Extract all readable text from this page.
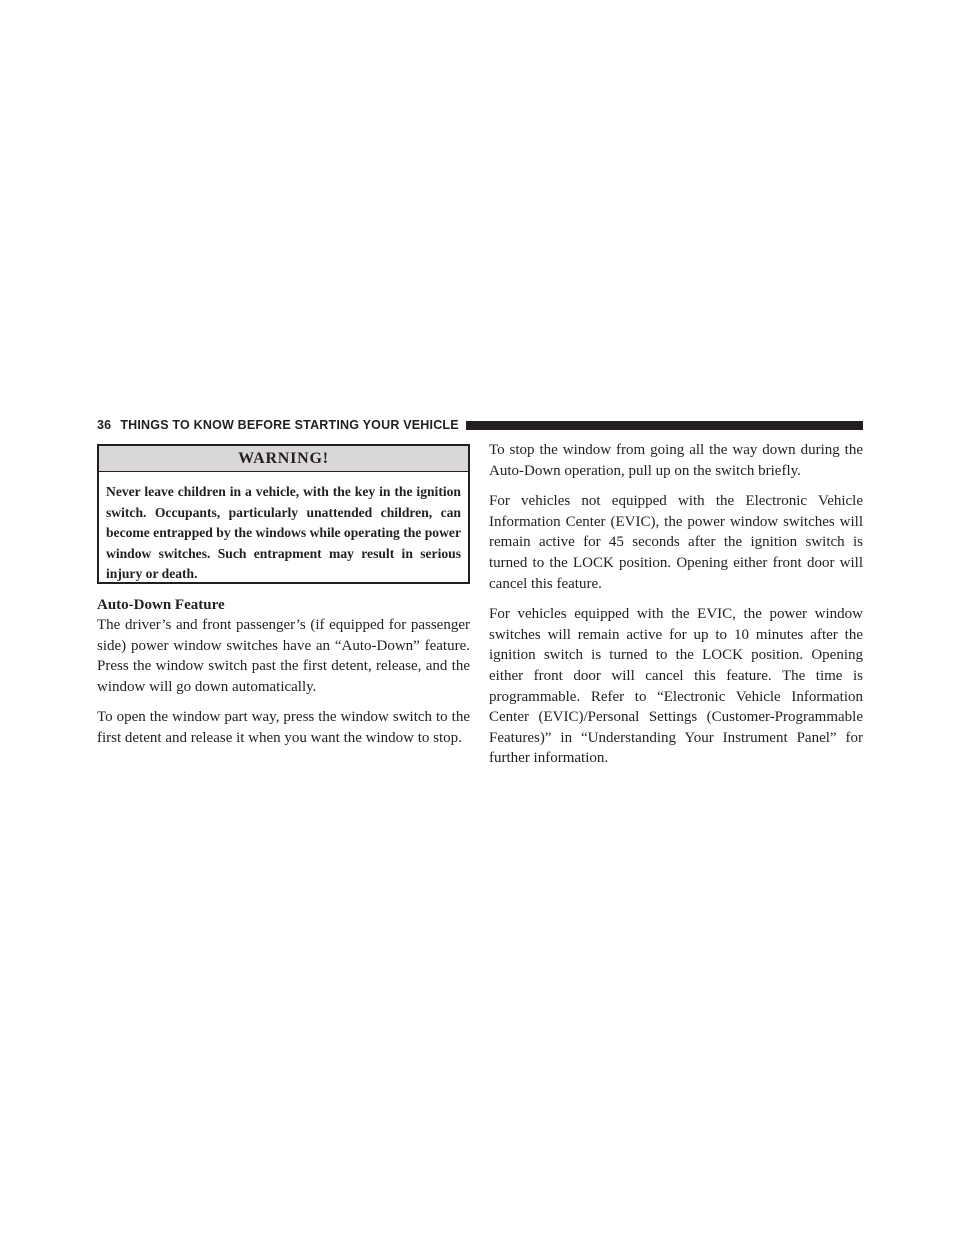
36 THINGS TO KNOW BEFORE STARTING YOUR VEHICLE
WARNING!
Never leave children in a vehicle, with the key in the ignition switch. Occupants, particularly unattended children, can become entrapped by the windows while operating the power window switches. Such entrapment may result in serious injury or death.
Auto-Down Feature

The driver’s and front passenger’s (if equipped for passenger side) power window switches have an “Auto-Down” feature. Press the window switch past the first detent, release, and the window will go down automatically.

To open the window part way, press the window switch to the first detent and release it when you want the window to stop.

To stop the window from going all the way down during the Auto-Down operation, pull up on the switch briefly.

For vehicles not equipped with the Electronic Vehicle Information Center (EVIC), the power window switches will remain active for 45 seconds after the ignition switch is turned to the LOCK position. Opening either front door will cancel this feature.

For vehicles equipped with the EVIC, the power window switches will remain active for up to 10 minutes after the ignition switch is turned to the LOCK position. Opening either front door will cancel this feature. The time is programmable. Refer to “Electronic Vehicle Information Center (EVIC)/Personal Settings (Customer-Programmable Features)” in “Understanding Your Instrument Panel” for further information.
